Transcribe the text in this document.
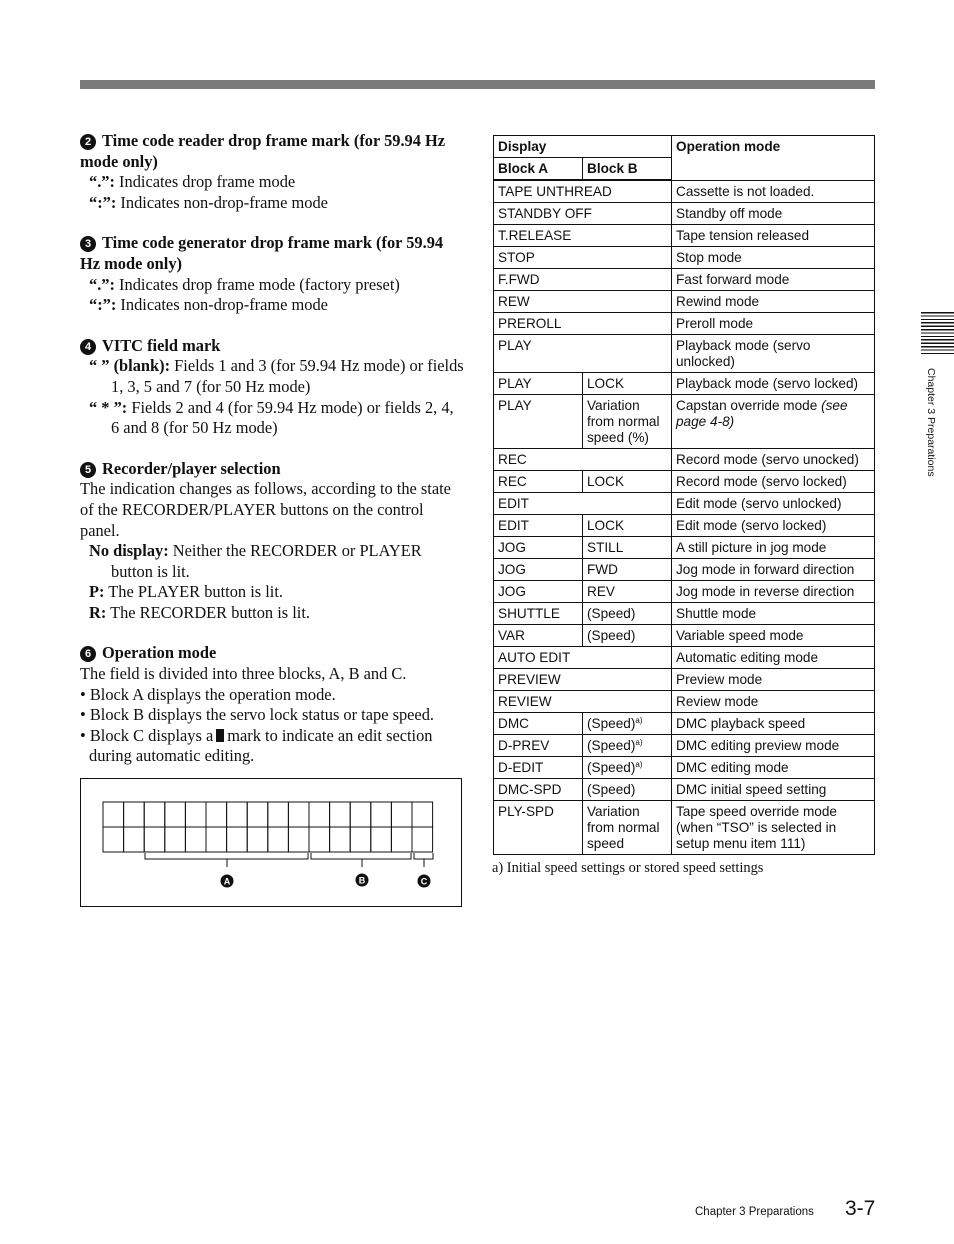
2 Time code reader drop frame mark (for 59.94 Hz mode only)
“.”: Indicates drop frame mode
“:”: Indicates non-drop-frame mode
3 Time code generator drop frame mark (for 59.94 Hz mode only)
“.”: Indicates drop frame mode (factory preset)
“:”: Indicates non-drop-frame mode
4 VITC field mark
“ ” (blank): Fields 1 and 3 (for 59.94 Hz mode) or fields 1, 3, 5 and 7 (for 50 Hz mode)
“ * ”: Fields 2 and 4 (for 59.94 Hz mode) or fields 2, 4, 6 and 8 (for 50 Hz mode)
5 Recorder/player selection
The indication changes as follows, according to the state of the RECORDER/PLAYER buttons on the control panel.
No display: Neither the RECORDER or PLAYER button is lit.
P: The PLAYER button is lit.
R: The RECORDER button is lit.
6 Operation mode
The field is divided into three blocks, A, B and C.
• Block A displays the operation mode.
• Block B displays the servo lock status or tape speed.
• Block C displays a mark to indicate an edit section during automatic editing.
A	B	C
Display		Operation mode
Block A	Block B	
TAPE UNTHREAD		Cassette is not loaded.
STANDBY OFF		Standby off mode
T.RELEASE		Tape tension released
STOP		Stop mode
F.FWD		Fast forward mode
REW		Rewind mode
PREROLL		Preroll mode
PLAY		Playback mode (servo unlocked)
PLAY	LOCK	Playback mode (servo locked)
PLAY	Variation from normal speed (%)	Capstan override mode (see page 4-8)
REC		Record mode (servo unocked)
REC	LOCK	Record mode (servo locked)
EDIT		Edit mode (servo unlocked)
EDIT	LOCK	Edit mode (servo locked)
JOG	STILL	A still picture in jog mode
JOG	FWD	Jog mode in forward direction
JOG	REV	Jog mode in reverse direction
SHUTTLE	(Speed)	Shuttle mode
VAR	(Speed)	Variable speed mode
AUTO EDIT		Automatic editing mode
PREVIEW		Preview mode
REVIEW		Review mode
DMC	(Speed)$^{a)}$	DMC playback speed
D-PREV	(Speed)$^{a)}$	DMC editing preview mode
D-EDIT	(Speed)$^{a)}$	DMC editing mode
DMC-SPD	(Speed)	DMC initial speed setting
PLY-SPD	Variation from normal speed	Tape speed override mode (when “TSO” is selected in setup menu item 111)
a) Initial speed settings or stored speed settings
Chapter 3 Preparations
Chapter 3 Preparations 3-7
